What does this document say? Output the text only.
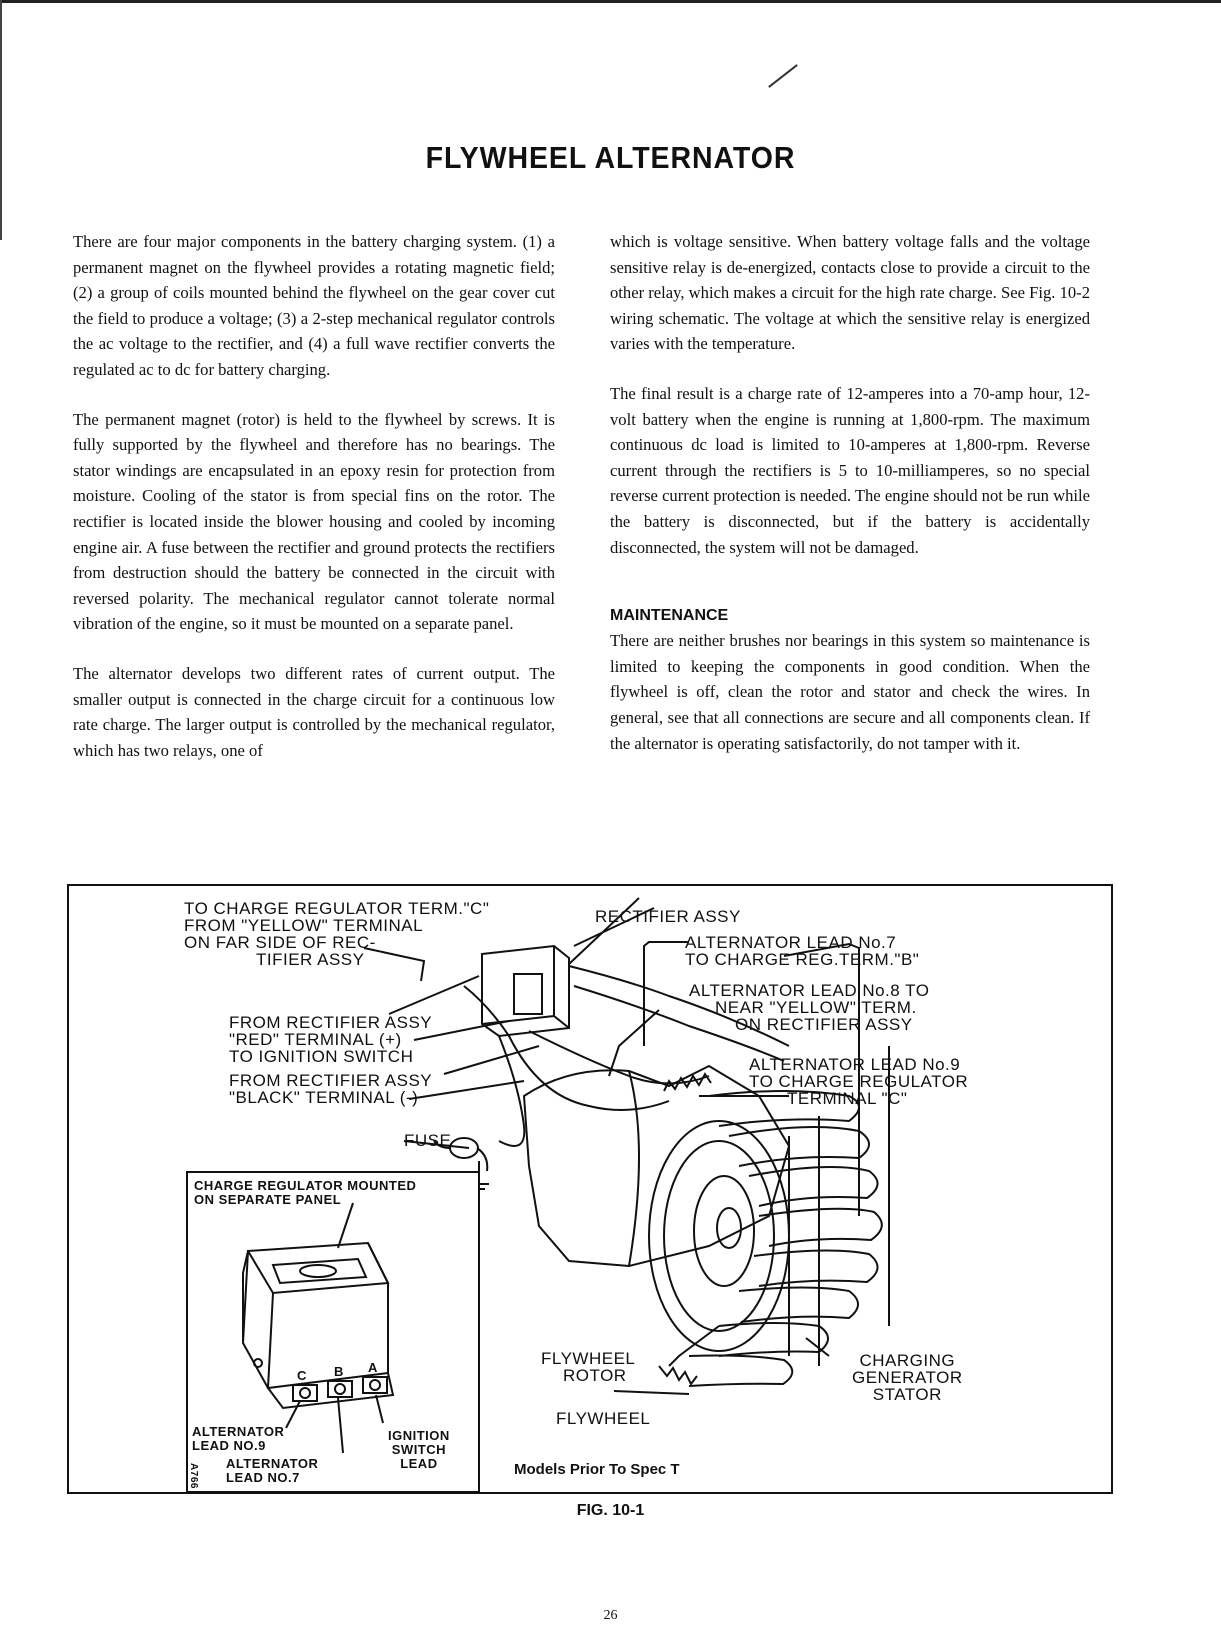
FLYWHEEL ALTERNATOR

There are four major components in the battery charging system. (1) a permanent magnet on the flywheel provides a rotating magnetic field; (2) a group of coils mounted behind the flywheel on the gear cover cut the field to produce a voltage; (3) a 2-step mechanical regulator controls the ac voltage to the rectifier, and (4) a full wave rectifier converts the regulated ac to dc for battery charging.

The permanent magnet (rotor) is held to the flywheel by screws. It is fully supported by the flywheel and therefore has no bearings. The stator windings are encapsulated in an epoxy resin for protection from moisture. Cooling of the stator is from special fins on the rotor. The rectifier is located inside the blower housing and cooled by incoming engine air. A fuse between the rectifier and ground protects the rectifiers from destruction should the battery be connected in the circuit with reversed polarity. The mechanical regulator cannot tolerate normal vibration of the engine, so it must be mounted on a separate panel.

The alternator develops two different rates of current output. The smaller output is connected in the charge circuit for a continuous low rate charge. The larger output is controlled by the mechanical regulator, which has two relays, one of

which is voltage sensitive. When battery voltage falls and the voltage sensitive relay is de-energized, contacts close to provide a circuit to the other relay, which makes a circuit for the high rate charge. See Fig. 10-2 wiring schematic. The voltage at which the sensitive relay is energized varies with the temperature.

The final result is a charge rate of 12-amperes into a 70-amp hour, 12-volt battery when the engine is running at 1,800-rpm. The maximum continuous dc load is limited to 10-amperes at 1,800-rpm. Reverse current through the rectifiers is 5 to 10-milliamperes, so no special reverse current protection is needed. The engine should not be run while the battery is disconnected, but if the battery is accidentally disconnected, the system will not be damaged.

MAINTENANCE

There are neither brushes nor bearings in this system so maintenance is limited to keeping the components in good condition. When the flywheel is off, clean the rotor and stator and check the wires. In general, see that all connections are secure and all components clean. If the alternator is operating satisfactorily, do not tamper with it.

TO CHARGE REGULATOR TERM."C"
FROM "YELLOW" TERMINAL
ON FAR SIDE OF REC-
TIFIER ASSY
RECTIFIER ASSY
ALTERNATOR LEAD No.7
TO CHARGE REG.TERM."B"
ALTERNATOR LEAD No.8 TO
NEAR "YELLOW" TERM.
ON RECTIFIER ASSY
FROM RECTIFIER ASSY
"RED" TERMINAL (+)
TO IGNITION SWITCH	ALTERNATOR LEAD No.9
TO CHARGE REGULATOR
TERMINAL "C"
FROM RECTIFIER ASSY
"BLACK" TERMINAL (-)
FUSE
FLYWHEEL
ROTOR
FLYWHEEL
CHARGING
GENERATOR
STATOR
CHARGE REGULATOR MOUNTED
ON SEPARATE PANEL
C B A
ALTERNATOR
LEAD NO.9
IGNITION
SWITCH
LEAD
ALTERNATOR
LEAD NO.7
A766	Models Prior To Spec T
FIG. 10-1
26
